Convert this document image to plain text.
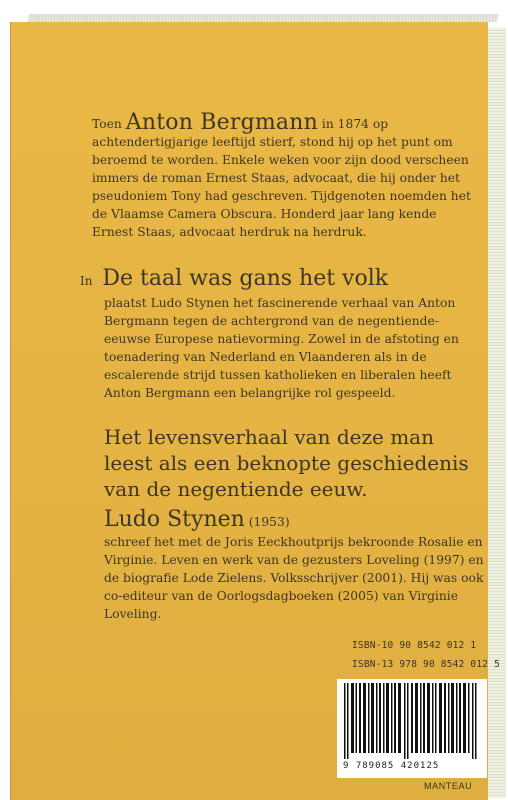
Toen Anton Bergmann in 1874 op achtendertigjarige leeftijd stierf, stond hij op het punt om beroemd te worden. Enkele weken voor zijn dood verscheen immers de roman Ernest Staas, advocaat, die hij onder het pseudoniem Tony had geschreven. Tijdgenoten noemden het de Vlaamse Camera Obscura. Honderd jaar lang kende Ernest Staas, advocaat herdruk na herdruk.
In De taal was gans het volk
plaatst Ludo Stynen het fascinerende verhaal van Anton Bergmann tegen de achtergrond van de negentiende-eeuwse Europese natievorming. Zowel in de afstoting en toenadering van Nederland en Vlaanderen als in de escalerende strijd tussen katholieken en liberalen heeft Anton Bergmann een belangrijke rol gespeeld.
Het levensverhaal van deze man leest als een beknopte geschiedenis van de negentiende eeuw.
Ludo Stynen (1953)
schreef het met de Joris Eeckhoutprijs bekroonde Rosalie en Virginie. Leven en werk van de gezusters Loveling (1997) en de biografie Lode Zielens. Volksschrijver (2001). Hij was ook co-editeur van de Oorlogsdagboeken (2005) van Virginie Loveling.
ISBN-10 90 8542 012 1
ISBN-13 978 90 8542 012 5
9 789085 420125
MANTEAU
